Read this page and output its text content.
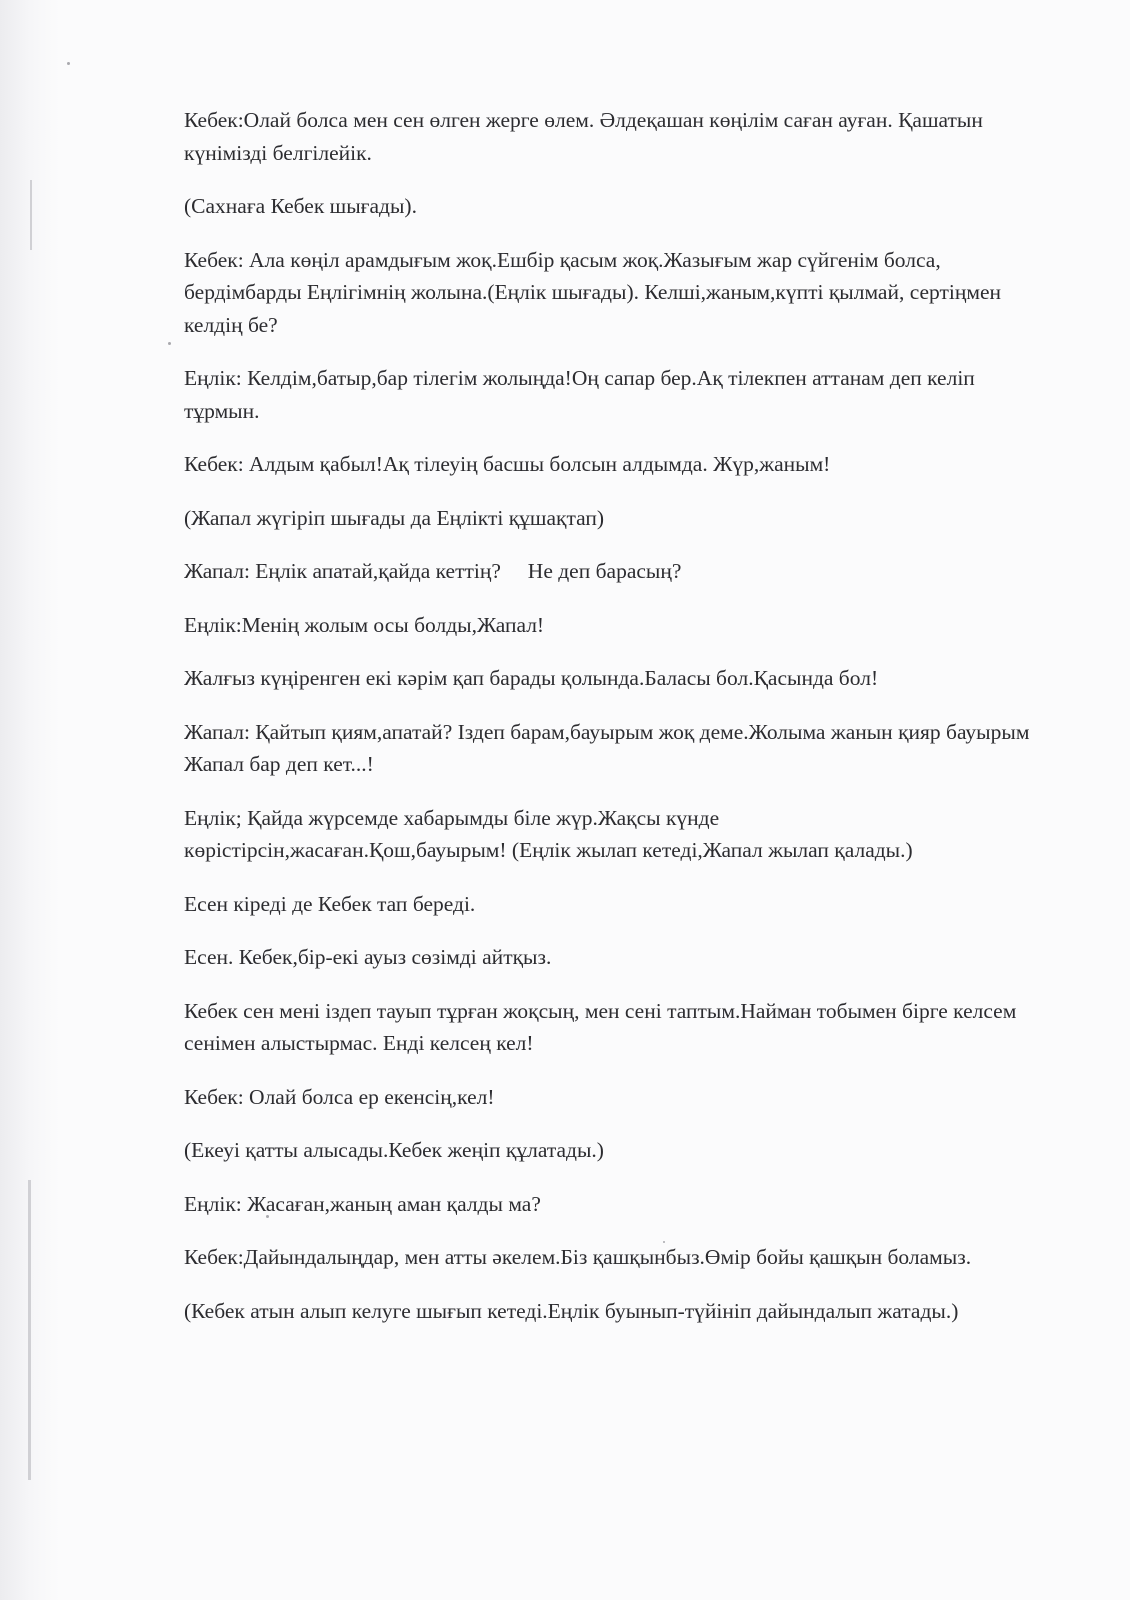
Кебек:Олай болса мен сен өлген жерге өлем. Әлдеқашан көңілім саған ауған. Қашатын күнімізді белгілейік.

(Сахнаға Кебек шығады).

Кебек: Ала көңіл арамдығым жоқ.Ешбір қасым жоқ.Жазығым жар сүйгенім болса, бердімбарды Еңлігімнің жолына.(Еңлік шығады). Келші,жаным,күпті қылмай, сертіңмен келдің бе?

Еңлік: Келдім,батыр,бар тілегім жолыңда!Оң сапар бер.Ақ тілекпен аттанам деп келіп тұрмын.

Кебек: Алдым қабыл!Ақ тілеуің басшы болсын алдымда. Жүр,жаным!

(Жапал жүгіріп шығады да Еңлікті құшақтап)

Жапал: Еңлік апатай,қайда кеттің?     Не деп барасың?

Еңлік:Менің жолым осы болды,Жапал!

Жалғыз күңіренген екі кәрім қап барады қолында.Баласы бол.Қасында бол!

Жапал: Қайтып қиям,апатай? Іздеп барам,бауырым жоқ деме.Жолыма жанын қияр бауырым Жапал бар деп кет...!

Еңлік; Қайда жүрсемде хабарымды біле жүр.Жақсы күнде көрістірсін,жасаған.Қош,бауырым! (Еңлік жылап кетеді,Жапал жылап қалады.)

Есен кіреді де Кебек тап береді.

Есен. Кебек,бір-екі ауыз сөзімді айтқыз.

Кебек сен мені іздеп тауып тұрған жоқсың, мен сені таптым.Найман тобымен бірге келсем сенімен алыстырмас. Енді келсең кел!

Кебек: Олай болса ер екенсің,кел!

(Екеуі қатты алысады.Кебек жеңіп құлатады.)

Еңлік: Жасаған,жаның аман қалды ма?

Кебек:Дайындалыңдар, мен атты әкелем.Біз қашқынбыз.Өмір бойы қашқын боламыз.

(Кебек атын алып келуге шығып кетеді.Еңлік буынып-түйініп дайындалып жатады.)
